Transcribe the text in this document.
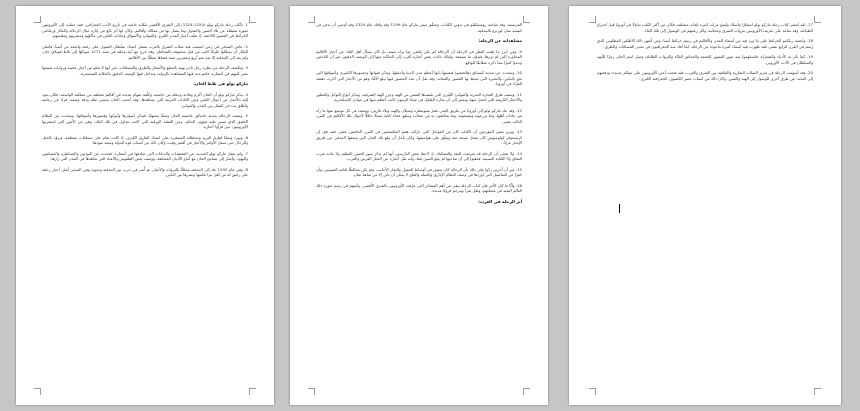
1. تأثّلت رحلة ماركو بولو (1254-1324) إلى الشرق الأقصى مكانة خاصة في تاريخ الأدب الجغرافي، فقد حملت إلى الأوروبيين صورة مفصّلة عن بلاد الصين والمغول وما يتصل بها من ممالك وأقاليم، وكان لها أثر بالغ في إثارة خيال الرحالة والتجّار ورسّامي الخرائط في العصور اللاحقة، إذ نقلت أخبار المدن الكبرى والموانئ والأسواق وعادات الناس في مأكلهم ومشربهم وملبسهم.

2. عاش البندقي في زمن اتسعت فيه صلات الشرق بالغرب بفضل امتداد سلطان المغول على رقعة واسعة من آسيا، فأمكن للتجّار أن يسلكوا طرقًا كانت من قبل محفوفة بالمخاطر، وقد خرج مع أبيه وعمّه في سنة 1271 متوجّهًا إلى بلاط قوبلاي خان، ولم يعد إلى البندقية إلا بعد نحو أربع وعشرين سنة قضاها متنقّلًا بين الأقاليم.

3. وتكشف الرحلة عن نظرة رجل تاجر يهتم بالسلع والأسعار والطرق والمسافات، غير أنها لا تخلو من أخبار عجيبة وروايات سمعها ممن لقيهم في أسفاره، فامتزجت فيها المشاهدة بالرواية، وتداخل فيها الوصف الدقيق بالحكاية المستغربة.

ماركو بولو في بلاط الخان:

4. يذكر ماركو بولو أن الخان أكرم وفادته وجعله من خاصته، وكلّفه بمهام عديدة في أقاليم مختلفة من مملكته الواسعة، فكان يعود إليه بالأخبار عن أحوال الناس وعن العادات الغريبة التي يشاهدها، وقد أعجب الخان بحسن نقله ودقة وصفه، فزاد في رعايته وأطلق يده في التنقل بين المدن والموانئ.

5. ويصف الرحالة مدينة خانبالق عاصمة الخان وصفًا مسهبًا، فيذكر أسوارها وأبوابها وقصورها وأسواقها، ويتحدث عن النظام الدقيق الذي تسير عليه شؤون الحكم، وعن العملة الورقية التي كانت تتداول في تلك البلاد، وهي من الأمور التي استغربها الأوروبيون حين قرأوا أخباره.

6. ويورد وصفًا لطرق البريد ومحطاته المنتشرة على امتداد الطرق الكبرى، إذ كانت تقام على مسافات منتظمة، وتزوّد بالخيل والرجال حتى تنتقل الأوامر والأخبار في أقصر وقت، وكان ذلك من أسباب قوة الدولة وسعة نفوذها.

7. ولم يغفل ماركو بولو الحديث عن المعتقدات والديانات التي صادفها في أسفاره، فتحدث عن البوذيين والنساطرة والمسلمين واليهود، وأشار إلى تسامح الخان مع أتباع الأديان المختلفة، ووصف بعض الطقوس والأعياد التي شاهدها في المدن التي زارها.

8. وفي عام 1295 عاد إلى البندقية محمّلًا بالثروات والأخبار، ثم أُسر في حرب بين البندقية وجنوة، وفي السجن أملى أخبار رحلته على رفيق له من أهل بيزا فكتبها ونشرها بين الناس.

الفرنسية، وقد صاحبه روستيكيلو في تدوين الكتاب، وتحقّق سفر ماركو عام 1299 وقد وافاه عام 1324 وقد أوصى أن يدفن في كنيسة سان لورنزو بالبندقية.

مشاهداته عن الرحلة:

9. ومن أبرز ما يلفت النظر في الرحلة أن الرحالة لم يكن يكتفي بما يراه بعينه، بل كان يسأل أهل البلاد عن أخبار الأقاليم المجاورة التي لم يزرها، فيدوّن ما يسمعه، ولذلك جاءت بعض أخباره أقرب إلى الحكاية منها إلى الوصف الدقيق، غير أن الباحثين وجدوا كثيرًا مما ذكره مطابقًا للواقع.

10. ويتحدث عن مدينة كينساي (هانغتشو) فيصفها بأنها أعظم مدن الدنيا وأجملها، ويذكر قنواتها وجسورها الكثيرة، وأسواقها التي تعج بالناس، والبحيرة التي تحيط بها القصور والمعابد، وقد نقل أن عدد الجسور فيها يبلغ آلافًا، وهو من الأخبار التي أثارت دهشة القرّاء في أوروبا.

11. ويصف طرق التجارة البحرية والموانئ الكبرى التي تقصدها السفن من الهند وجزر الهند الشرقية، ويذكر أنواع التوابل والعطور والأحجار الكريمة التي تُحمل منها، ويشير إلى أن تجارة الفلفل في ميناء الزيتون كانت أعظم منها في موانئ الإسكندرية.

12. وقد عاد ماركو بولو إلى أوروبا عن طريق البحر، فمرّ بسومطرة وسيلان والهند وبلاد فارس، ووصف في كل موضع منها ما رآه من عادات أهلها، وما يزرعونه ويصنعونه، وما يتعاملون به من عملات وسلع، فجاء كتابه سجلًا حافلًا لأحوال تلك الأقاليم في القرن الثالث عشر.

13. ويرى بعض المؤرخين أن الكتاب كان من العوامل التي حرّكت همم المكتشفين في القرن الخامس عشر، فقد قيل إن كريستوفر كولومبوس كان يحمل نسخة منه ويعلّق على هوامشها، وكان يأمل أن يبلغ بلاد الخان التي وصفها البندقي عن طريق الإبحار غربًا.

14. ولا يخفى أن الرحلة قد تعرضت للنقد والتشكيك، إذ لاحظ بعض الدارسين أنها لم تذكر سور الصين العظيم ولا عادة شرب الشاي ولا الكتابة الصينية، فذهبوا إلى أن صاحبها لم يبلغ الصين قط، وأنه نقل أخباره عن التجار الفرس والعرب.

15. غير أن آخرين ردّوا على ذلك بأن الرحالة كان يعيش في أوساط المغول والتجار الأجانب، ولم يكن مخالطًا لعامة الصينيين، وأن كثيرًا من التفاصيل التي أوردها في وصف النظام الإداري والعملة والملح لا يمكن أن تأتي إلا من شاهد عيان.

16. وأيًّا ما كان الأمر فإن كتاب الرحلة يبقى من أهم المصادر التي عرّفت الأوروبيين بالشرق الأقصى، وأسهم في رسم صورة ذلك العالم البعيد في مخيلتهم، وظل يقرأ ويترجم قرونًا عديدة.

أثر الرحلة في الغرب:

17. لقد انتشر كتاب رحلة ماركو بولو انتشارًا واسعًا، ونُسخ مرات كثيرة بلغات مختلفة، فكان من أكثر الكتب تداولًا في أوروبا قبل اختراع الطباعة، وقد ساعد على تعريف الأوروبيين بثروات الشرق وعجائبه، وأثار رغبتهم في الوصول إلى تلك البلاد.

18. واعتمد رسّامو الخرائط على ما ورد فيه من أسماء المدن والأقاليم في رسم خرائط آسيا، ومن أشهر ذلك الأطلس القطلوني الذي رُسم في القرن الرابع عشر، فقد ظهرت فيه أسماء كثيرة مأخوذة من الرحلة، كما أفاد منه الجغرافيون في تقدير المسافات والطرق.

19. كما تأثر به الأدباء والشعراء، فاستلهموا منه صور القصور الفخمة والحدائق الغنّاء والثروات الطائلة، وصار اسم الخان رمزًا للأبهة والسلطان في الأدب الأوروبي.

20. وقد أسهمت الرحلة في تعزيز الصلات التجارية والثقافية بين الشرق والغرب، فقد فتحت أعين الأوروبيين على عوالم جديدة، ودفعتهم إلى البحث عن طرق أخرى للوصول إلى الهند والصين، وكان ذلك من أسباب عصر الكشوف الجغرافية الكبرى.
